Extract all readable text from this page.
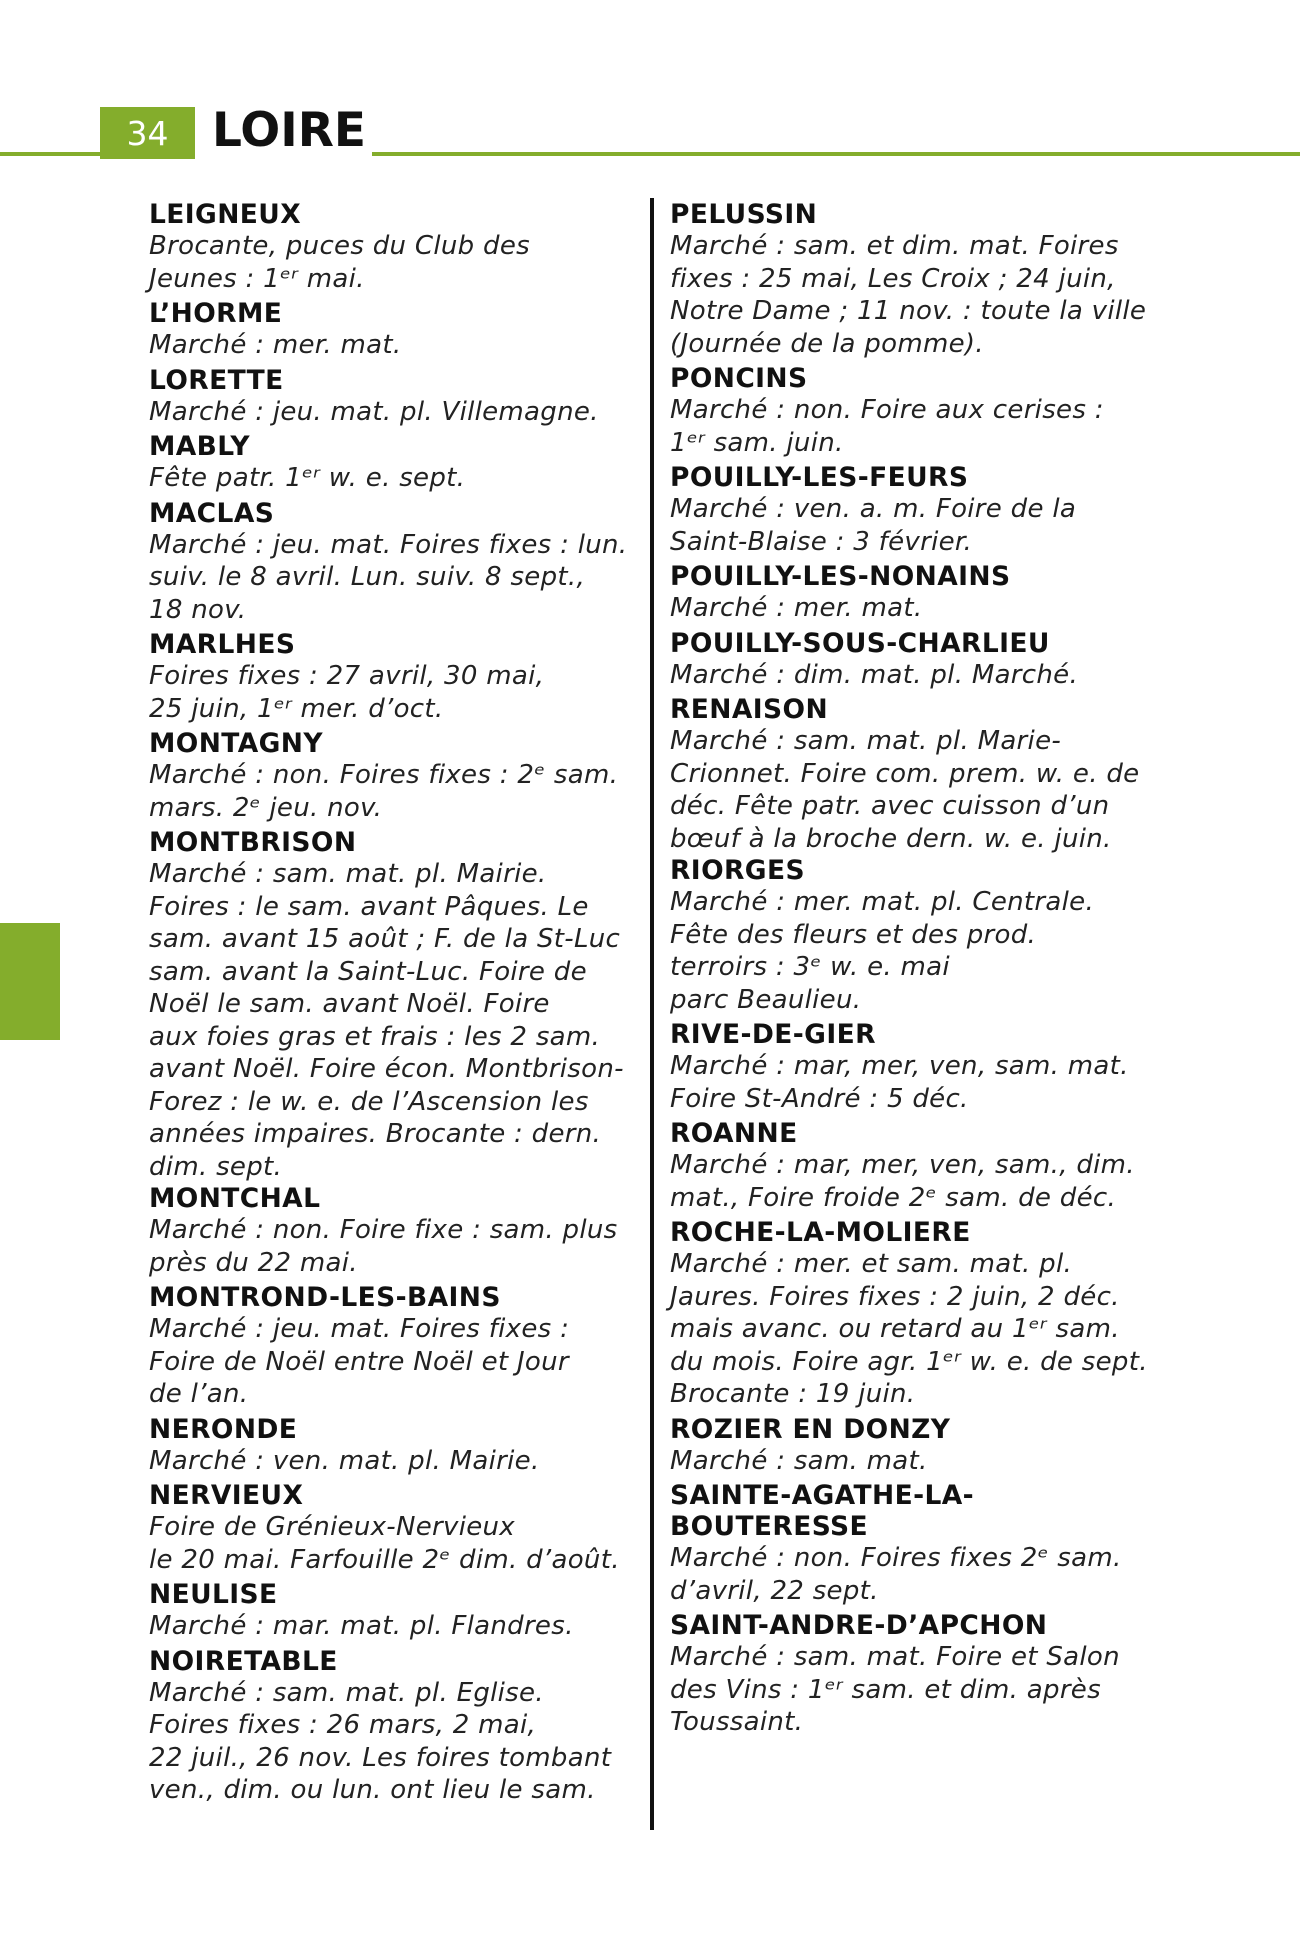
34 LOIRE
LEIGNEUX
Brocante, puces du Club des
Jeunes : 1ᵉʳ mai.
L’HORME
Marché : mer. mat.
LORETTE
Marché : jeu. mat. pl. Villemagne.
MABLY
Fête patr. 1ᵉʳ w. e. sept.
MACLAS
Marché : jeu. mat. Foires fixes : lun.
suiv. le 8 avril. Lun. suiv. 8 sept.,
18 nov.
MARLHES
Foires fixes : 27 avril, 30 mai,
25 juin, 1ᵉʳ mer. d’oct.
MONTAGNY
Marché : non. Foires fixes : 2ᵉ sam.
mars. 2ᵉ jeu. nov.
MONTBRISON
Marché : sam. mat. pl. Mairie.
Foires : le sam. avant Pâques. Le
sam. avant 15 août ; F. de la St-Luc
sam. avant la Saint-Luc. Foire de
Noël le sam. avant Noël. Foire
aux foies gras et frais : les 2 sam.
avant Noël. Foire écon. Montbrison-
Forez : le w. e. de l’Ascension les
années impaires. Brocante : dern.
dim. sept.
MONTCHAL
Marché : non. Foire fixe : sam. plus
près du 22 mai.
MONTROND-LES-BAINS
Marché : jeu. mat. Foires fixes :
Foire de Noël entre Noël et Jour
de l’an.
NERONDE
Marché : ven. mat. pl. Mairie.
NERVIEUX
Foire de Grénieux-Nervieux
le 20 mai. Farfouille 2ᵉ dim. d’août.
NEULISE
Marché : mar. mat. pl. Flandres.
NOIRETABLE
Marché : sam. mat. pl. Eglise.
Foires fixes : 26 mars, 2 mai,
22 juil., 26 nov. Les foires tombant
ven., dim. ou lun. ont lieu le sam.
PELUSSIN
Marché : sam. et dim. mat. Foires
fixes : 25 mai, Les Croix ; 24 juin,
Notre Dame ; 11 nov. : toute la ville
(Journée de la pomme).
PONCINS
Marché : non. Foire aux cerises :
1ᵉʳ sam. juin.
POUILLY-LES-FEURS
Marché : ven. a. m. Foire de la
Saint-Blaise : 3 février.
POUILLY-LES-NONAINS
Marché : mer. mat.
POUILLY-SOUS-CHARLIEU
Marché : dim. mat. pl. Marché.
RENAISON
Marché : sam. mat. pl. Marie-
Crionnet. Foire com. prem. w. e. de
déc. Fête patr. avec cuisson d’un
bœuf à la broche dern. w. e. juin.
RIORGES
Marché : mer. mat. pl. Centrale.
Fête des fleurs et des prod.
terroirs : 3ᵉ w. e. mai
parc Beaulieu.
RIVE-DE-GIER
Marché : mar, mer, ven, sam. mat.
Foire St-André : 5 déc.
ROANNE
Marché : mar, mer, ven, sam., dim.
mat., Foire froide 2ᵉ sam. de déc.
ROCHE-LA-MOLIERE
Marché : mer. et sam. mat. pl.
Jaures. Foires fixes : 2 juin, 2 déc.
mais avanc. ou retard au 1ᵉʳ sam.
du mois. Foire agr. 1ᵉʳ w. e. de sept.
Brocante : 19 juin.
ROZIER EN DONZY
Marché : sam. mat.
SAINTE-AGATHE-LA-
BOUTERESSE
Marché : non. Foires fixes 2ᵉ sam.
d’avril, 22 sept.
SAINT-ANDRE-D’APCHON
Marché : sam. mat. Foire et Salon
des Vins : 1ᵉʳ sam. et dim. après
Toussaint.
